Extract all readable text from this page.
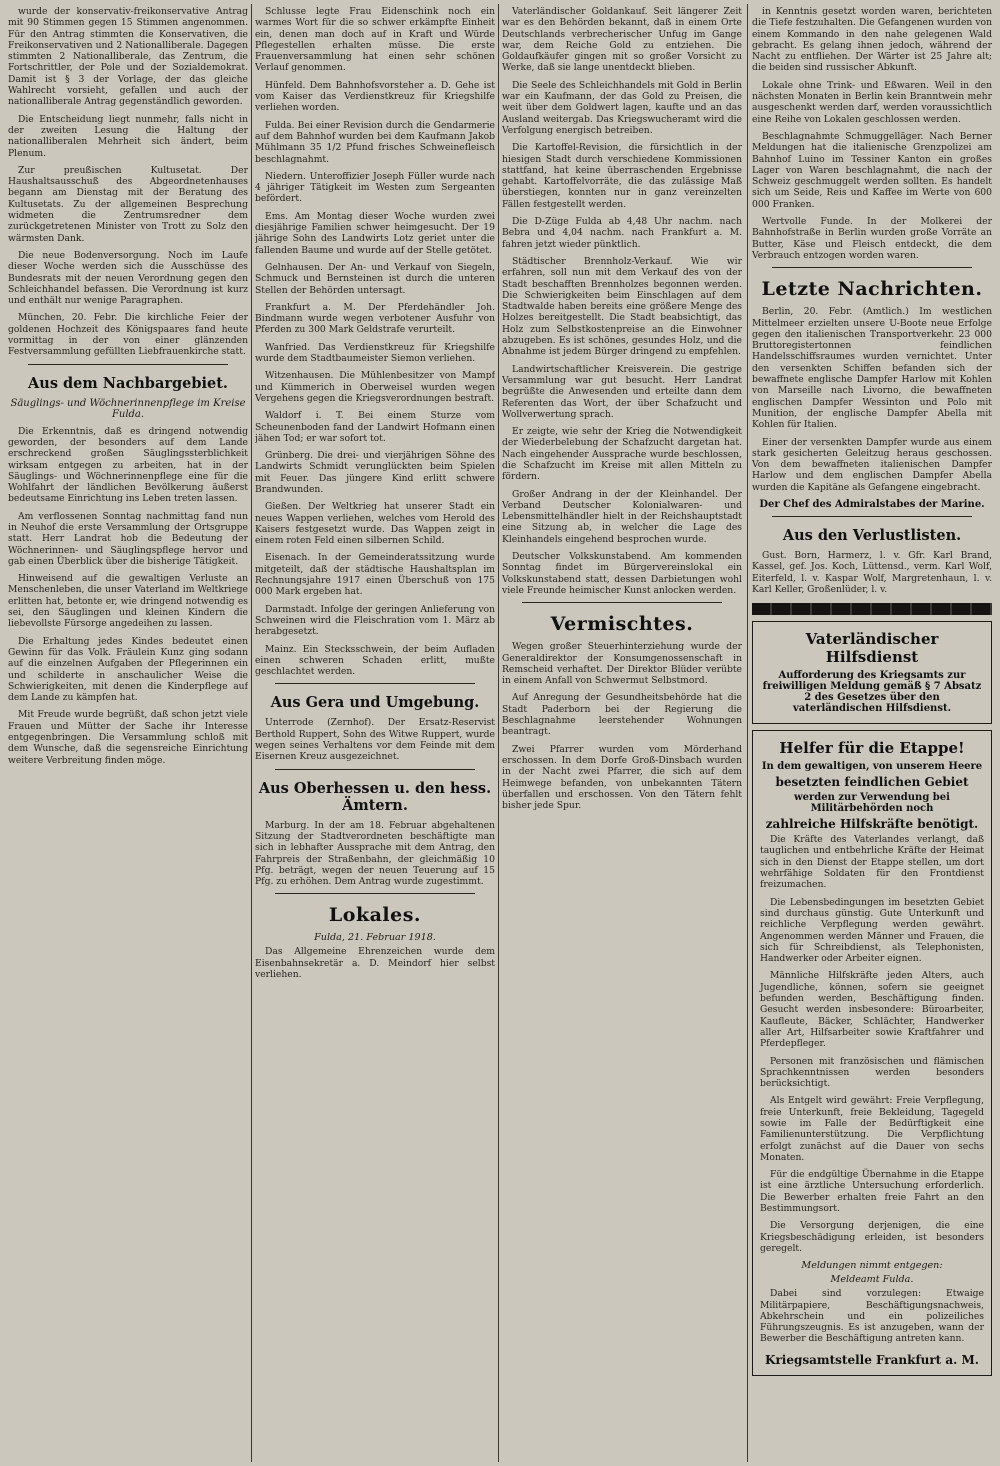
wurde der konservativ-freikonservative Antrag mit 90 Stimmen gegen 15 Stimmen angenommen. Für den Antrag stimmten die Konservativen, die Freikonservativen und 2 Nationalliberale. Dagegen stimmten 2 Nationalliberale, das Zentrum, die Fortschrittler, der Pole und der Sozialdemokrat. Damit ist § 3 der Vorlage, der das gleiche Wahlrecht vorsieht, gefallen und auch der nationalliberale Antrag gegenständlich geworden.

Die Entscheidung liegt nunmehr, falls nicht in der zweiten Lesung die Haltung der nationalliberalen Mehrheit sich ändert, beim Plenum.

Zur preußischen Kultusetat. Der Haushaltsausschuß des Abgeordnetenhauses begann am Dienstag mit der Beratung des Kultusetats. Zu der allgemeinen Besprechung widmeten die Zentrumsredner dem zurückgetretenen Minister von Trott zu Solz den wärmsten Dank.

Die neue Bodenversorgung. Noch im Laufe dieser Woche werden sich die Ausschüsse des Bundesrats mit der neuen Verordnung gegen den Schleichhandel befassen. Die Verordnung ist kurz und enthält nur wenige Paragraphen.

München, 20. Febr. Die kirchliche Feier der goldenen Hochzeit des Königspaares fand heute vormittag in der von einer glänzenden Festversammlung gefüllten Liebfrauenkirche statt.

Aus dem Nachbargebiet.
Säuglings- und Wöchnerinnenpflege im Kreise Fulda.

Die Erkenntnis, daß es dringend notwendig geworden, der besonders auf dem Lande erschreckend großen Säuglingssterblichkeit wirksam entgegen zu arbeiten, hat in der Säuglings- und Wöchnerinnenpflege eine für die Wohlfahrt der ländlichen Bevölkerung äußerst bedeutsame Einrichtung ins Leben treten lassen.

Am verflossenen Sonntag nachmittag fand nun in Neuhof die erste Versammlung der Ortsgruppe statt. Herr Landrat hob die Bedeutung der Wöchnerinnen- und Säuglingspflege hervor und gab einen Überblick über die bisherige Tätigkeit.

Hinweisend auf die gewaltigen Verluste an Menschenleben, die unser Vaterland im Weltkriege erlitten hat, betonte er, wie dringend notwendig es sei, den Säuglingen und kleinen Kindern die liebevollste Fürsorge angedeihen zu lassen.

Die Erhaltung jedes Kindes bedeutet einen Gewinn für das Volk. Fräulein Kunz ging sodann auf die einzelnen Aufgaben der Pflegerinnen ein und schilderte in anschaulicher Weise die Schwierigkeiten, mit denen die Kinderpflege auf dem Lande zu kämpfen hat.

Mit Freude wurde begrüßt, daß schon jetzt viele Frauen und Mütter der Sache ihr Interesse entgegenbringen. Die Versammlung schloß mit dem Wunsche, daß die segensreiche Einrichtung weitere Verbreitung finden möge.

Schlusse legte Frau Eidenschink noch ein warmes Wort für die so schwer erkämpfte Einheit ein, denen man doch auf in Kraft und Würde Pflegestellen erhalten müsse. Die erste Frauenversammlung hat einen sehr schönen Verlauf genommen.

Hünfeld. Dem Bahnhofsvorsteher a. D. Gehe ist vom Kaiser das Verdienstkreuz für Kriegshilfe verliehen worden.

Fulda. Bei einer Revision durch die Gendarmerie auf dem Bahnhof wurden bei dem Kaufmann Jakob Mühlmann 35 1/2 Pfund frisches Schweinefleisch beschlagnahmt.

Niedern. Unteroffizier Joseph Füller wurde nach 4 jähriger Tätigkeit im Westen zum Sergeanten befördert.

Ems. Am Montag dieser Woche wurden zwei diesjährige Familien schwer heimgesucht. Der 19 jährige Sohn des Landwirts Lotz geriet unter die fallenden Baume und wurde auf der Stelle getötet.

Gelnhausen. Der An- und Verkauf von Siegeln, Schmuck und Bernsteinen ist durch die unteren Stellen der Behörden untersagt.

Frankfurt a. M. Der Pferdehändler Joh. Bindmann wurde wegen verbotener Ausfuhr von Pferden zu 300 Mark Geldstrafe verurteilt.

Wanfried. Das Verdienstkreuz für Kriegshilfe wurde dem Stadtbaumeister Siemon verliehen.

Witzenhausen. Die Mühlenbesitzer von Mampf und Kümmerich in Oberweisel wurden wegen Vergehens gegen die Kriegsverordnungen bestraft.

Waldorf i. T. Bei einem Sturze vom Scheunenboden fand der Landwirt Hofmann einen jähen Tod; er war sofort tot.

Grünberg. Die drei- und vierjährigen Söhne des Landwirts Schmidt verunglückten beim Spielen mit Feuer. Das jüngere Kind erlitt schwere Brandwunden.

Gießen. Der Weltkrieg hat unserer Stadt ein neues Wappen verliehen, welches vom Herold des Kaisers festgesetzt wurde. Das Wappen zeigt in einem roten Feld einen silbernen Schild.

Eisenach. In der Gemeinderatssitzung wurde mitgeteilt, daß der städtische Haushaltsplan im Rechnungsjahre 1917 einen Überschuß von 175 000 Mark ergeben hat.

Darmstadt. Infolge der geringen Anlieferung von Schweinen wird die Fleischration vom 1. März ab herabgesetzt.

Mainz. Ein Stecksschwein, der beim Aufladen einen schweren Schaden erlitt, mußte geschlachtet werden.

Aus Gera und Umgebung.

Unterrode (Zernhof). Der Ersatz-Reservist Berthold Ruppert, Sohn des Witwe Ruppert, wurde wegen seines Verhaltens vor dem Feinde mit dem Eisernen Kreuz ausgezeichnet.

Aus Oberhessen u. den hess. Ämtern.

Marburg. In der am 18. Februar abgehaltenen Sitzung der Stadtverordneten beschäftigte man sich in lebhafter Aussprache mit dem Antrag, den Fahrpreis der Straßenbahn, der gleichmäßig 10 Pfg. beträgt, wegen der neuen Teuerung auf 15 Pfg. zu erhöhen. Dem Antrag wurde zugestimmt.

Lokales.
Fulda, 21. Februar 1918.

Das Allgemeine Ehrenzeichen wurde dem Eisenbahnsekretär a. D. Meindorf hier selbst verliehen.

Vaterländischer Goldankauf. Seit längerer Zeit war es den Behörden bekannt, daß in einem Orte Deutschlands verbrecherischer Unfug im Gange war, dem Reiche Gold zu entziehen. Die Goldaufkäufer gingen mit so großer Vorsicht zu Werke, daß sie lange unentdeckt blieben.

Die Seele des Schleichhandels mit Gold in Berlin war ein Kaufmann, der das Gold zu Preisen, die weit über dem Goldwert lagen, kaufte und an das Ausland weitergab. Das Kriegswucheramt wird die Verfolgung energisch betreiben.

Die Kartoffel-Revision, die fürsichtlich in der hiesigen Stadt durch verschiedene Kommissionen stattfand, hat keine überraschenden Ergebnisse gehabt. Kartoffelvorräte, die das zulässige Maß überstiegen, konnten nur in ganz vereinzelten Fällen festgestellt werden.

Die D-Züge Fulda ab 4,48 Uhr nachm. nach Bebra und 4,04 nachm. nach Frankfurt a. M. fahren jetzt wieder pünktlich.

Städtischer Brennholz-Verkauf. Wie wir erfahren, soll nun mit dem Verkauf des von der Stadt beschafften Brennholzes begonnen werden. Die Schwierigkeiten beim Einschlagen auf dem Stadtwalde haben bereits eine größere Menge des Holzes bereitgestellt. Die Stadt beabsichtigt, das Holz zum Selbstkostenpreise an die Einwohner abzugeben. Es ist schönes, gesundes Holz, und die Abnahme ist jedem Bürger dringend zu empfehlen.

Landwirtschaftlicher Kreisverein. Die gestrige Versammlung war gut besucht. Herr Landrat begrüßte die Anwesenden und erteilte dann dem Referenten das Wort, der über Schafzucht und Wollverwertung sprach.

Er zeigte, wie sehr der Krieg die Notwendigkeit der Wiederbelebung der Schafzucht dargetan hat. Nach eingehender Aussprache wurde beschlossen, die Schafzucht im Kreise mit allen Mitteln zu fördern.

Großer Andrang in der der Kleinhandel. Der Verband Deutscher Kolonialwaren- und Lebensmittelhändler hielt in der Reichshauptstadt eine Sitzung ab, in welcher die Lage des Kleinhandels eingehend besprochen wurde.

Deutscher Volkskunstabend. Am kommenden Sonntag findet im Bürgervereinslokal ein Volkskunstabend statt, dessen Darbietungen wohl viele Freunde heimischer Kunst anlocken werden.

Vermischtes.

Wegen großer Steuerhinterziehung wurde der Generaldirektor der Konsumgenossenschaft in Remscheid verhaftet. Der Direktor Blüder verübte in einem Anfall von Schwermut Selbstmord.

Auf Anregung der Gesundheitsbehörde hat die Stadt Paderborn bei der Regierung die Beschlagnahme leerstehender Wohnungen beantragt.

Zwei Pfarrer wurden vom Mörderhand erschossen. In dem Dorfe Groß-Dinsbach wurden in der Nacht zwei Pfarrer, die sich auf dem Heimwege befanden, von unbekannten Tätern überfallen und erschossen. Von den Tätern fehlt bisher jede Spur.

in Kenntnis gesetzt worden waren, berichteten die Tiefe festzuhalten. Die Gefangenen wurden von einem Kommando in den nahe gelegenen Wald gebracht. Es gelang ihnen jedoch, während der Nacht zu entfliehen. Der Wärter ist 25 Jahre alt; die beiden sind russischer Abkunft.

Lokale ohne Trink- und Eßwaren. Weil in den nächsten Monaten in Berlin kein Branntwein mehr ausgeschenkt werden darf, werden voraussichtlich eine Reihe von Lokalen geschlossen werden.

Beschlagnahmte Schmuggelläger. Nach Berner Meldungen hat die italienische Grenzpolizei am Bahnhof Luino im Tessiner Kanton ein großes Lager von Waren beschlagnahmt, die nach der Schweiz geschmuggelt werden sollten. Es handelt sich um Seide, Reis und Kaffee im Werte von 600 000 Franken.

Wertvolle Funde. In der Molkerei der Bahnhofstraße in Berlin wurden große Vorräte an Butter, Käse und Fleisch entdeckt, die dem Verbrauch entzogen worden waren.

Letzte Nachrichten.

Berlin, 20. Febr. (Amtlich.) Im westlichen Mittelmeer erzielten unsere U-Boote neue Erfolge gegen den italienischen Transportverkehr. 23 000 Bruttoregistertonnen feindlichen Handelsschiffsraumes wurden vernichtet. Unter den versenkten Schiffen befanden sich der bewaffnete englische Dampfer Harlow mit Kohlen von Marseille nach Livorno, die bewaffneten englischen Dampfer Wessinton und Polo mit Munition, der englische Dampfer Abella mit Kohlen für Italien.

Einer der versenkten Dampfer wurde aus einem stark gesicherten Geleitzug heraus geschossen. Von dem bewaffneten italienischen Dampfer Harlow und dem englischen Dampfer Abella wurden die Kapitäne als Gefangene eingebracht.

Der Chef des Admiralstabes der Marine.
Aus den Verlustlisten.

Gust. Born, Harmerz, l. v. Gfr. Karl Brand, Kassel, gef. Jos. Koch, Lüttensd., verm. Karl Wolf, Eiterfeld, l. v. Kaspar Wolf, Margretenhaun, l. v. Karl Keller, Großenlüder, l. v.

Vaterländischer Hilfsdienst
Aufforderung des Kriegsamts zur freiwilligen Meldung gemäß § 7 Absatz 2 des Gesetzes über den vaterländischen Hilfsdienst.
Helfer für die Etappe!
In dem gewaltigen, von unserem Heere
besetzten feindlichen Gebiet
werden zur Verwendung bei Militärbehörden noch
zahlreiche Hilfskräfte benötigt.

Die Kräfte des Vaterlandes verlangt, daß tauglichen und entbehrliche Kräfte der Heimat sich in den Dienst der Etappe stellen, um dort wehrfähige Soldaten für den Frontdienst freizumachen.

Die Lebensbedingungen im besetzten Gebiet sind durchaus günstig. Gute Unterkunft und reichliche Verpflegung werden gewährt. Angenommen werden Männer und Frauen, die sich für Schreibdienst, als Telephonisten, Handwerker oder Arbeiter eignen.

Männliche Hilfskräfte jeden Alters, auch Jugendliche, können, sofern sie geeignet befunden werden, Beschäftigung finden. Gesucht werden insbesondere: Büroarbeiter, Kaufleute, Bäcker, Schlächter, Handwerker aller Art, Hilfsarbeiter sowie Kraftfahrer und Pferdepfleger.

Personen mit französischen und flämischen Sprachkenntnissen werden besonders berücksichtigt.

Als Entgelt wird gewährt: Freie Verpflegung, freie Unterkunft, freie Bekleidung, Tagegeld sowie im Falle der Bedürftigkeit eine Familienunterstützung. Die Verpflichtung erfolgt zunächst auf die Dauer von sechs Monaten.

Für die endgültige Übernahme in die Etappe ist eine ärztliche Untersuchung erforderlich. Die Bewerber erhalten freie Fahrt an den Bestimmungsort.

Die Versorgung derjenigen, die eine Kriegsbeschädigung erleiden, ist besonders geregelt.

Meldungen nimmt entgegen:
Meldeamt Fulda.

Dabei sind vorzulegen: Etwaige Militärpapiere, Beschäftigungsnachweis, Abkehrschein und ein polizeiliches Führungszeugnis. Es ist anzugeben, wann der Bewerber die Beschäftigung antreten kann.

Kriegsamtstelle Frankfurt a. M.
